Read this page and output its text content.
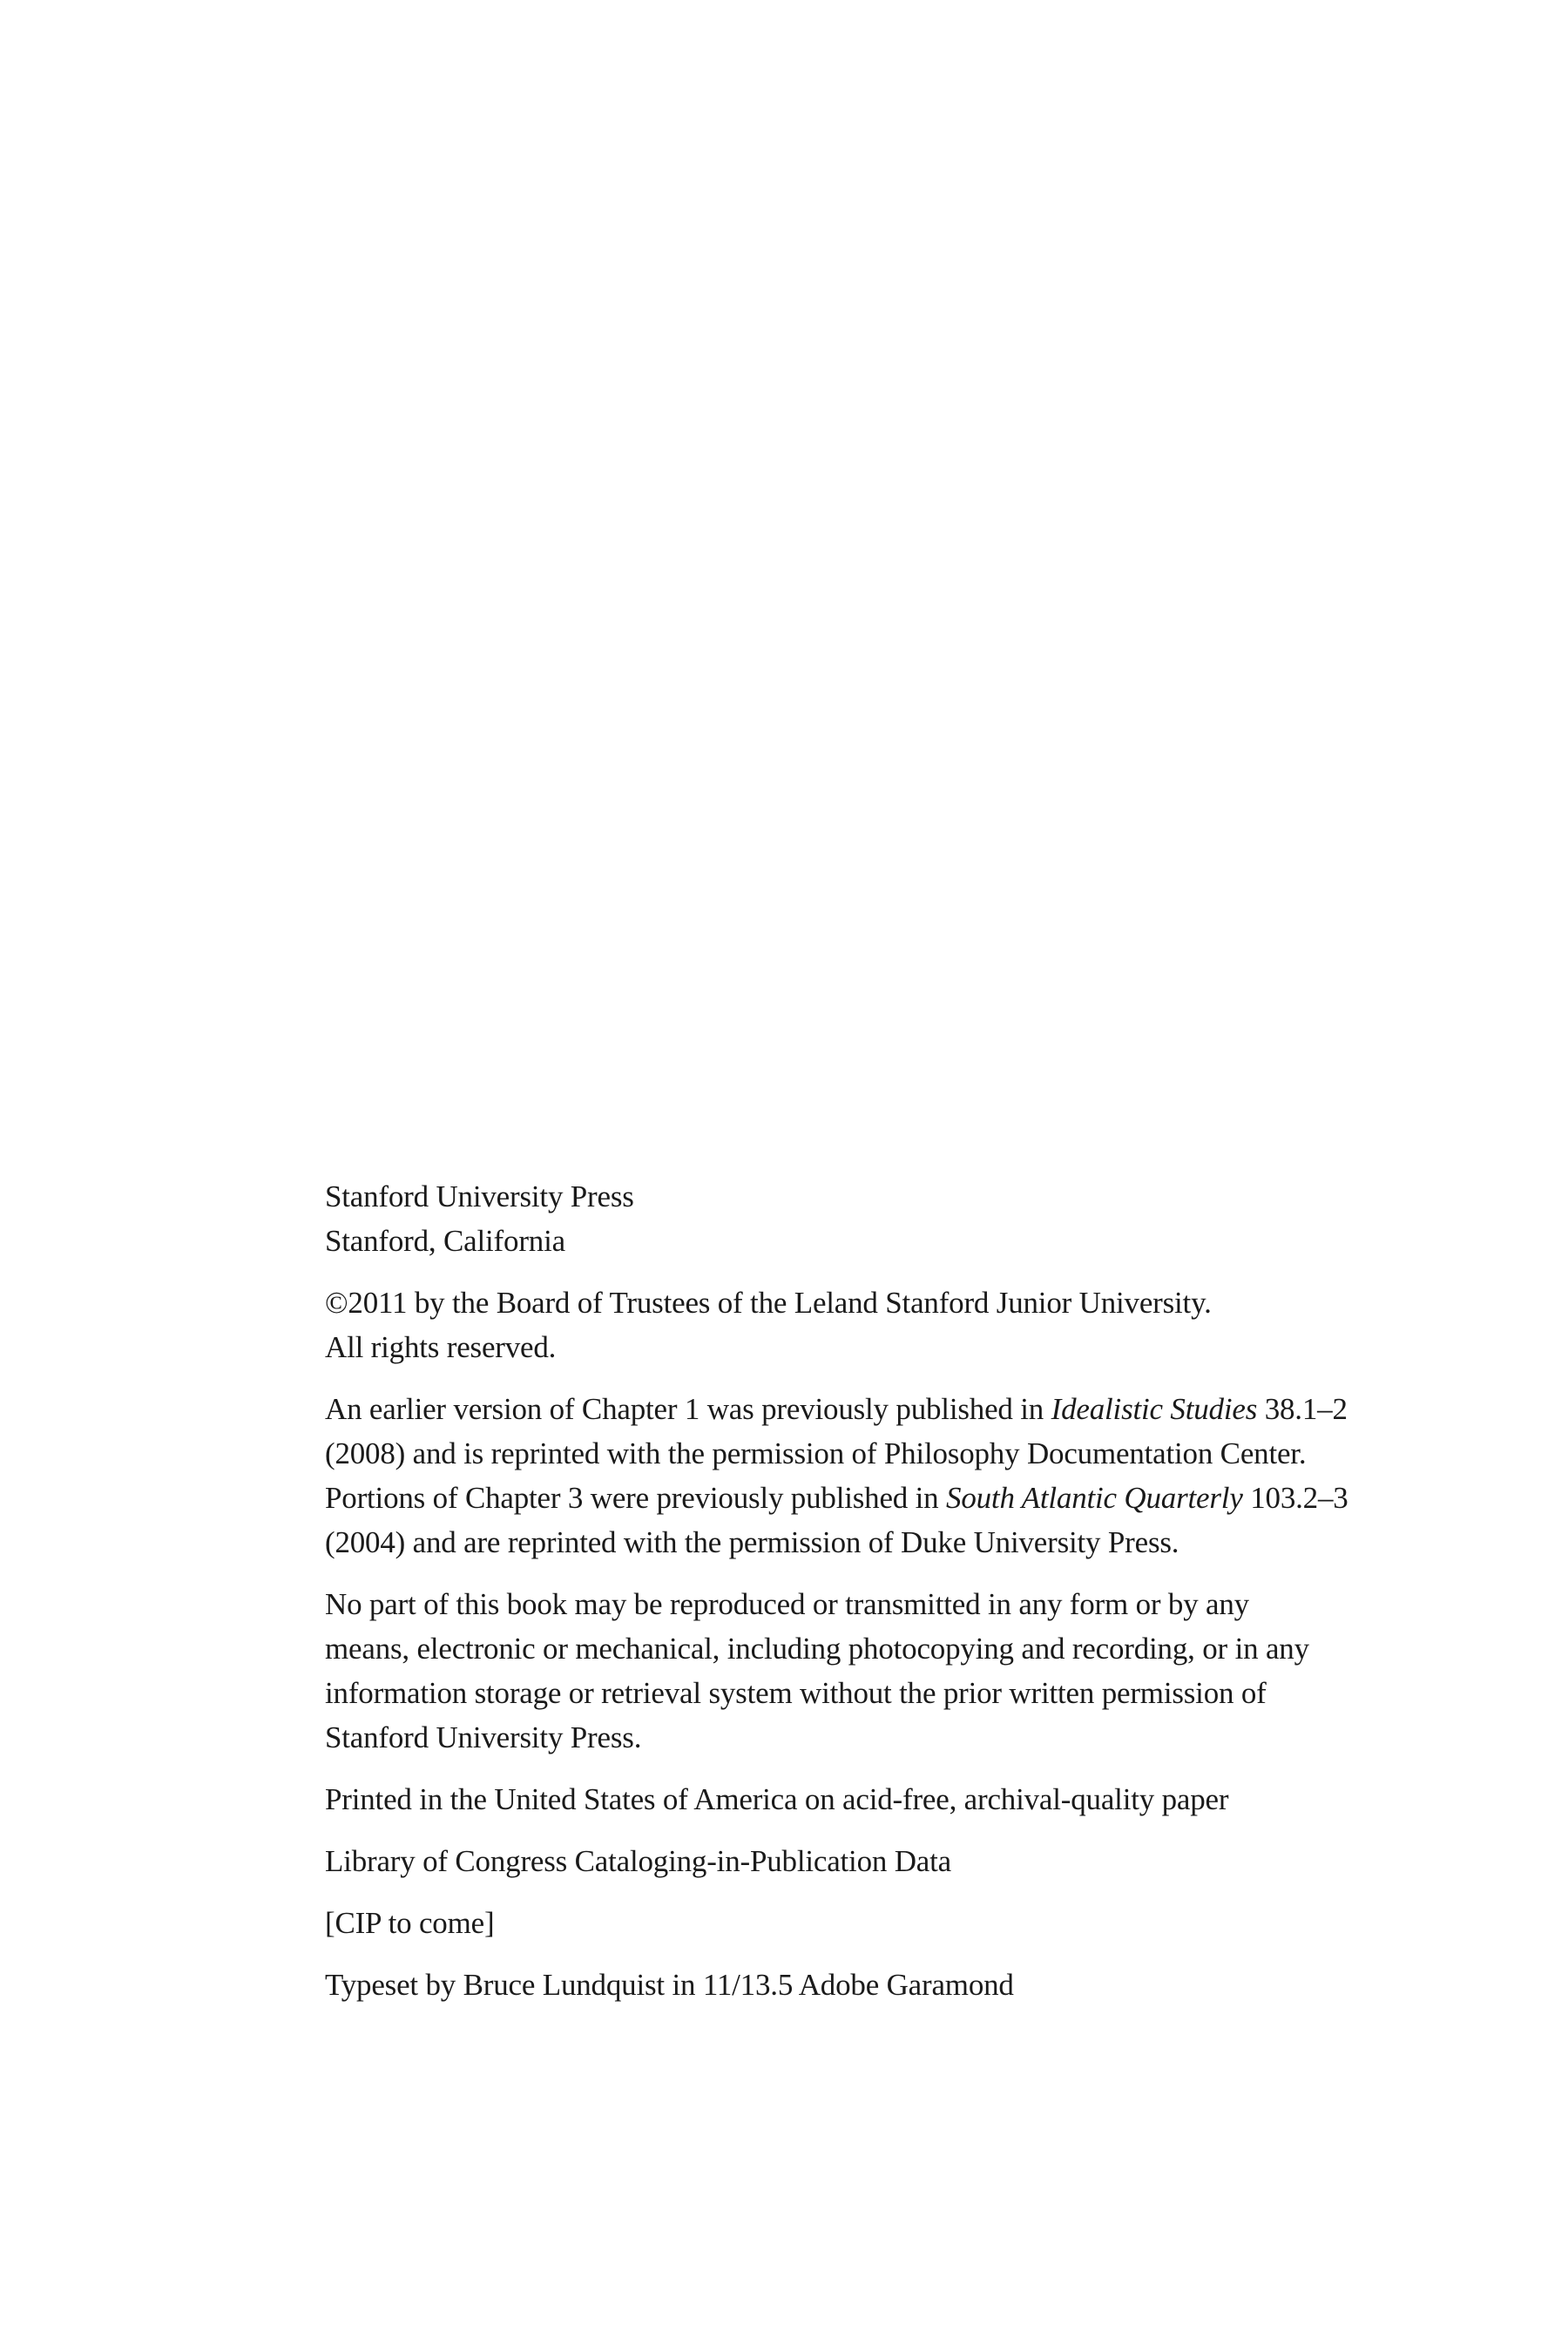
Stanford University Press
Stanford, California

©2011 by the Board of Trustees of the Leland Stanford Junior University.
All rights reserved.

An earlier version of Chapter 1 was previously published in Idealistic Studies 38.1–2
(2008) and is reprinted with the permission of Philosophy Documentation Center.
Portions of Chapter 3 were previously published in South Atlantic Quarterly 103.2–3
(2004) and are reprinted with the permission of Duke University Press.

No part of this book may be reproduced or transmitted in any form or by any
means, electronic or mechanical, including photocopying and recording, or in any
information storage or retrieval system without the prior written permission of
Stanford University Press.

Printed in the United States of America on acid-free, archival-quality paper

Library of Congress Cataloging-in-Publication Data

[CIP to come]

Typeset by Bruce Lundquist in 11/13.5 Adobe Garamond
